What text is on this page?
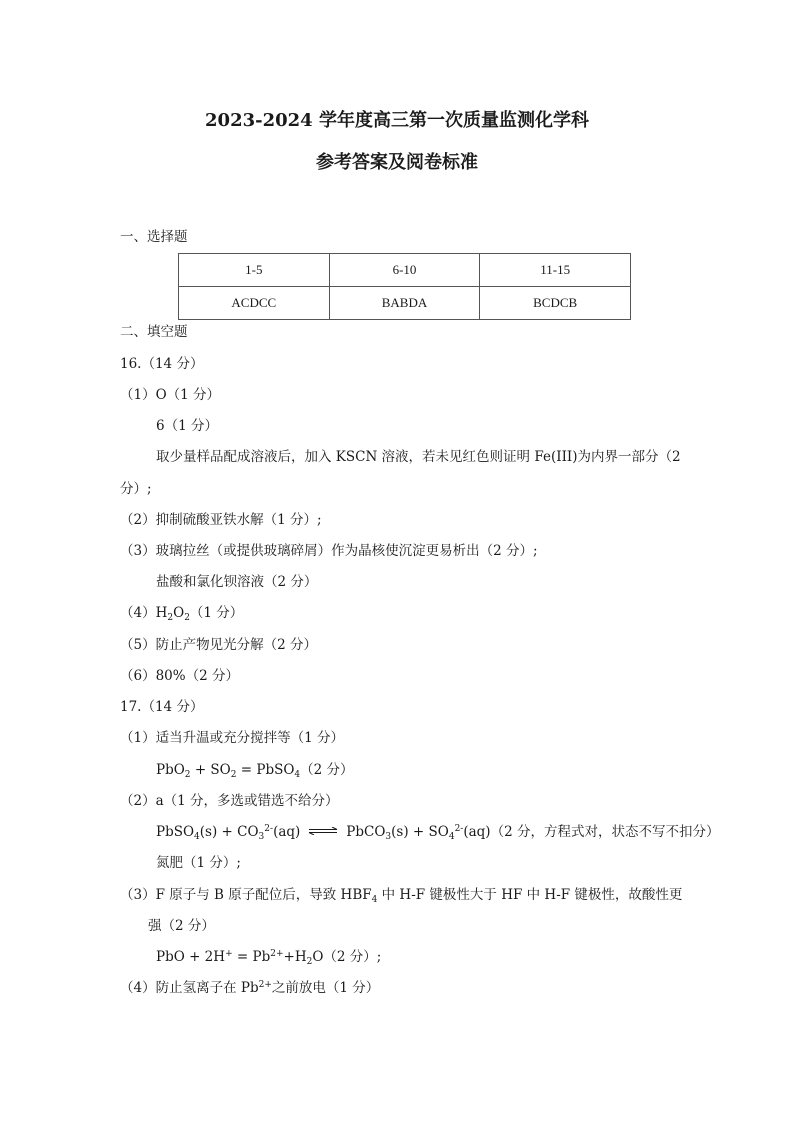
2023-2024 学年度高三第一次质量监测化学科
参考答案及阅卷标准
一、选择题
1-5	6-10	11-15
ACDCC	BABDA	BCDCB
二、填空题
16.（14 分）
（1）O（1 分）
6（1 分）
取少量样品配成溶液后，加入 KSCN 溶液，若未见红色则证明 Fe(III)为内界一部分（2
分）;
（2）抑制硫酸亚铁水解（1 分）;
（3）玻璃拉丝（或提供玻璃碎屑）作为晶核使沉淀更易析出（2 分）;
盐酸和氯化钡溶液（2 分）
$(4)H_2O_2(1$ 分）
（5）防止产物见光分解（2 分）
（6）80%（2 分）
17.（14 分）
（1）适当升温或充分搅拌等（1 分）
$PbO_2 + SO_2$ = PbSO$_4$（2 分）
（2）a（1 分，多选或错选不给分）
PbSO$_4$(s) + $CO_3^{2-}(aq)$ ⇌ PbCO$_3$(s) + $SO_4^{2-}(aq)(2$ 分，方程式对，状态不写不扣分）
氮肥（1 分）;
（3）F 原子与 B 原子配位后，导致 $HBF_4$ 中 H-F 键极性大于 HF 中 H-F 键极性，故酸性更
强（2 分）
PbO + $2H^+ = Pb^{2+}+H_2O(2$ 分）;
（4）防止氢离子在 $Pb^{2+}$之前放电（1 分）
